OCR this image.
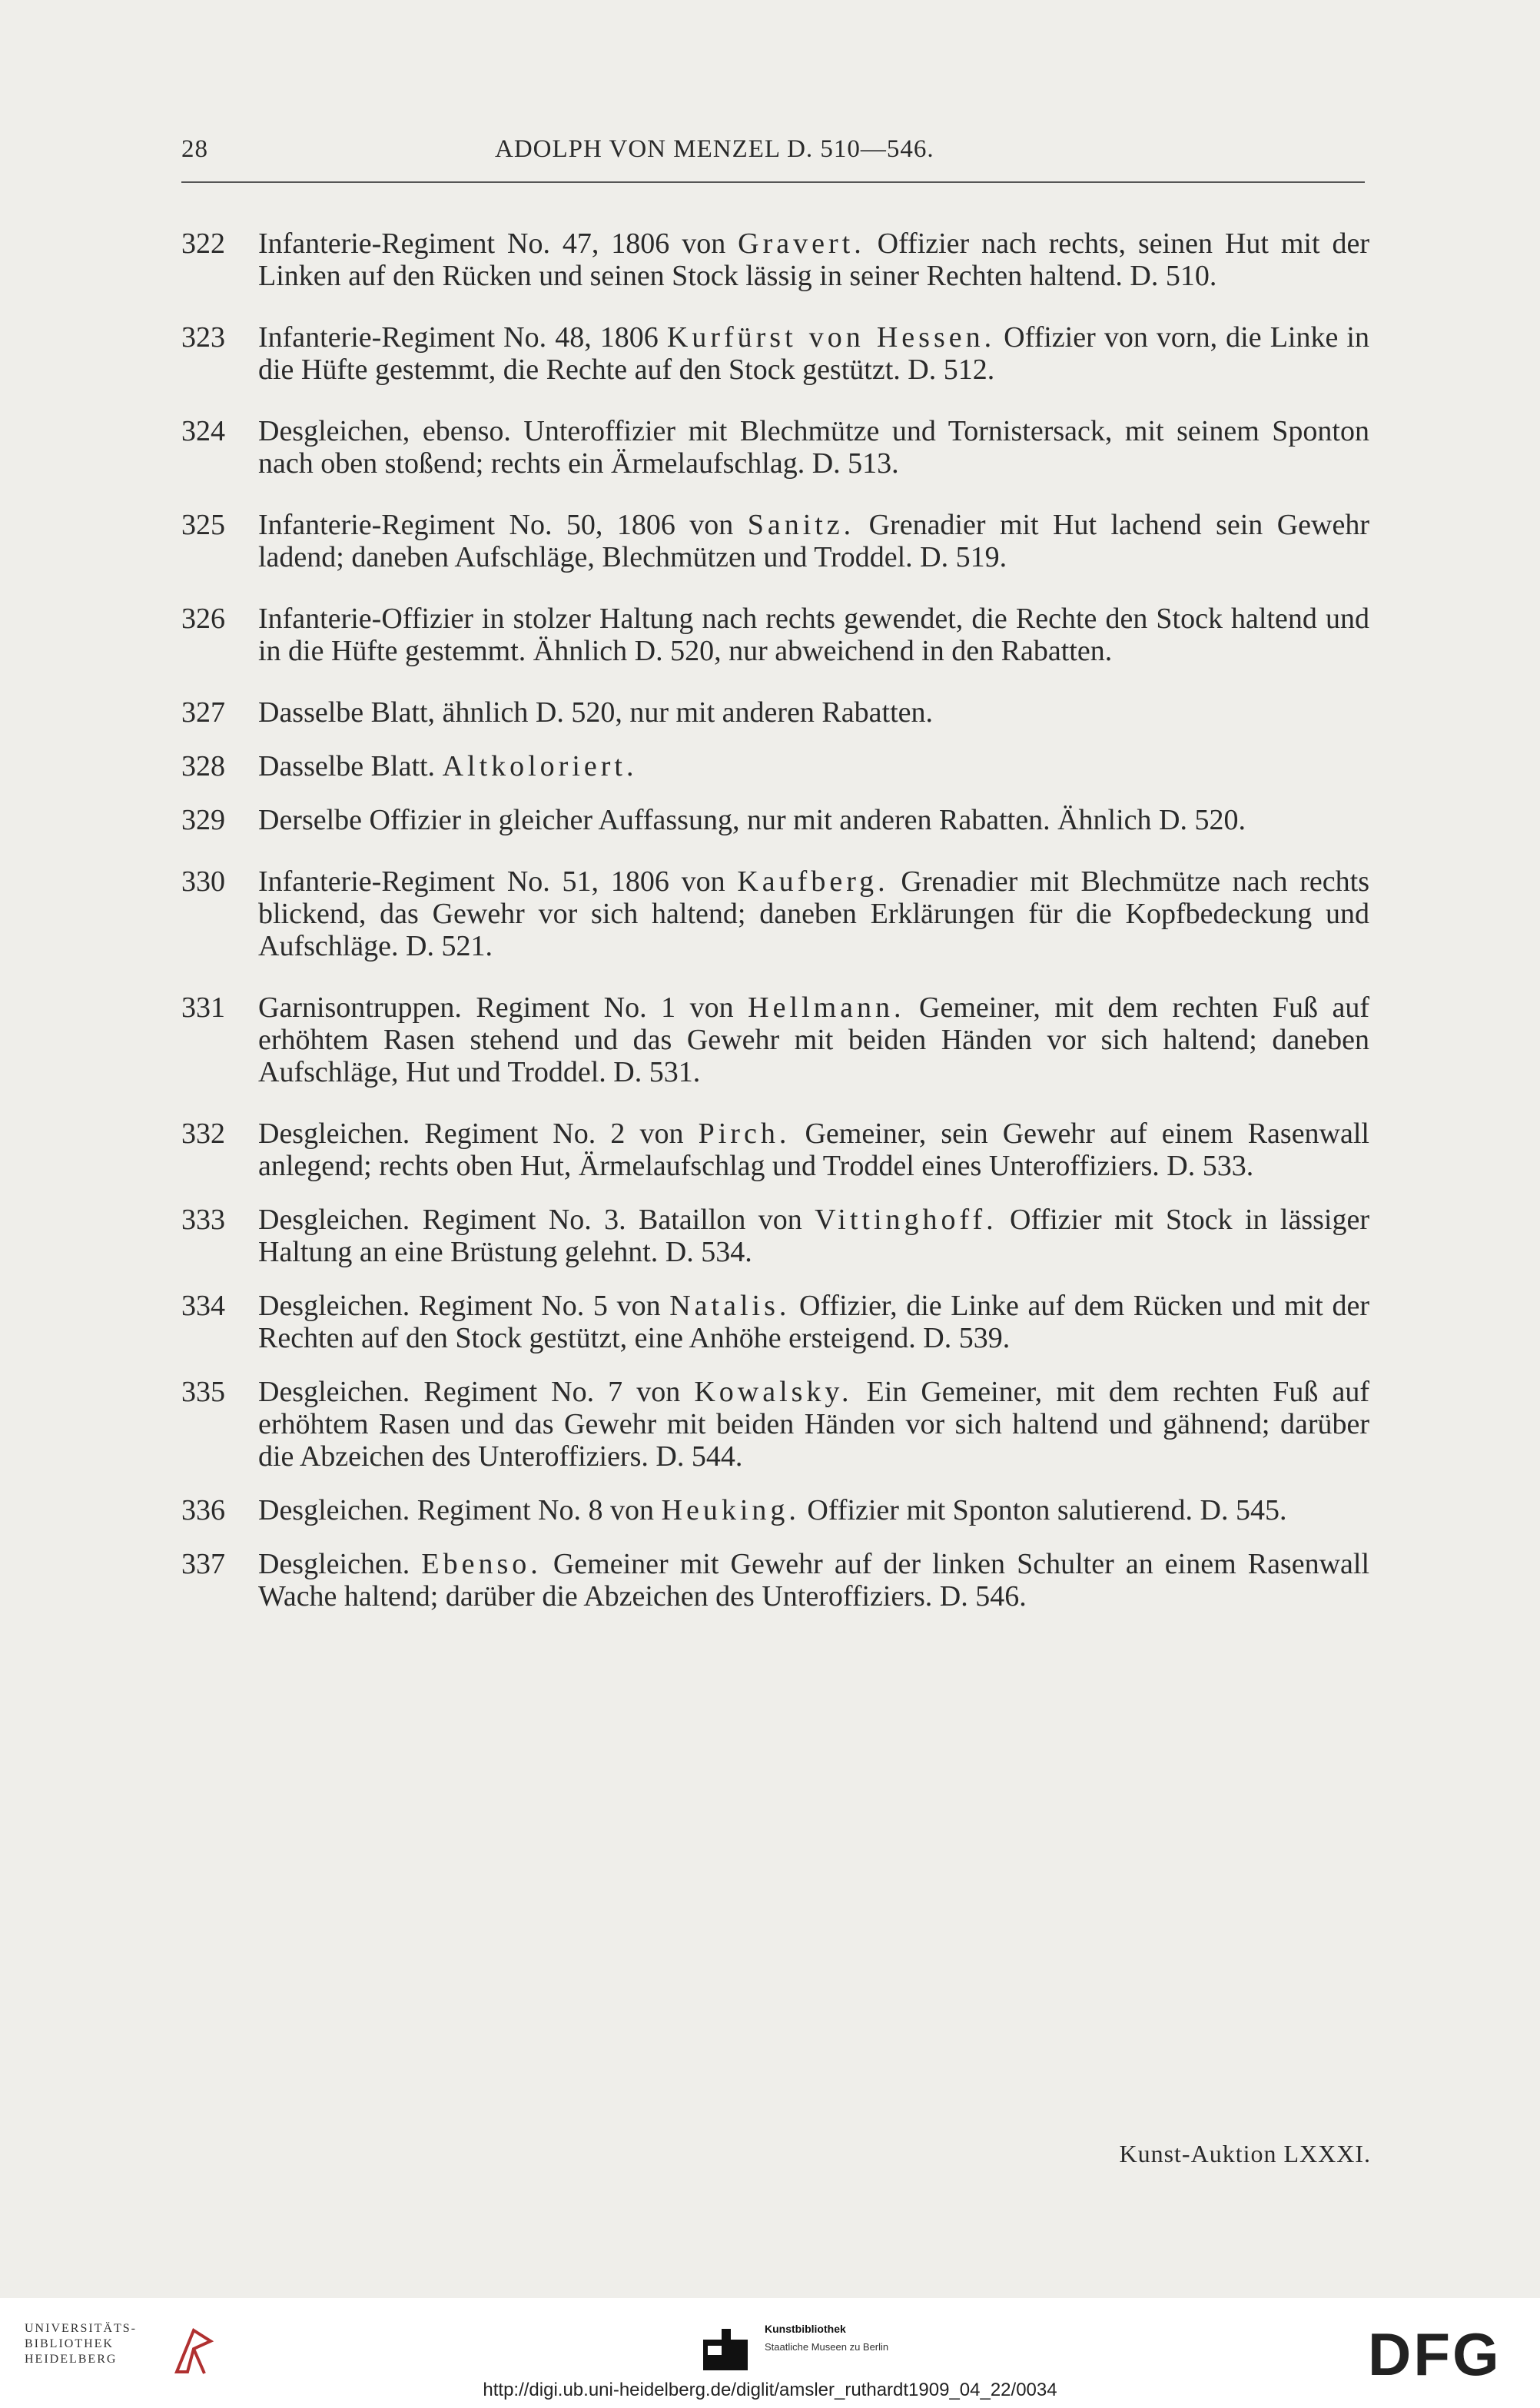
28	ADOLPH VON MENZEL D. 510—546.
322	Infanterie-Regiment No. 47, 1806 von Gravert. Offizier nach rechts, seinen Hut mit der Linken auf den Rücken und seinen Stock lässig in seiner Rechten haltend. D. 510.
323	Infanterie-Regiment No. 48, 1806 Kurfürst von Hessen. Offizier von vorn, die Linke in die Hüfte gestemmt, die Rechte auf den Stock gestützt. D. 512.
324	Desgleichen, ebenso. Unteroffizier mit Blechmütze und Tornistersack, mit seinem Sponton nach oben stoßend; rechts ein Ärmelaufschlag. D. 513.
325	Infanterie-Regiment No. 50, 1806 von Sanitz. Grenadier mit Hut lachend sein Gewehr ladend; daneben Aufschläge, Blechmützen und Troddel. D. 519.
326	Infanterie-Offizier in stolzer Haltung nach rechts gewendet, die Rechte den Stock haltend und in die Hüfte gestemmt. Ähnlich D. 520, nur abweichend in den Rabatten.
327	Dasselbe Blatt, ähnlich D. 520, nur mit anderen Rabatten.
328	Dasselbe Blatt. Altkoloriert.
329	Derselbe Offizier in gleicher Auffassung, nur mit anderen Rabatten. Ähnlich D. 520.
330	Infanterie-Regiment No. 51, 1806 von Kaufberg. Grenadier mit Blechmütze nach rechts blickend, das Gewehr vor sich haltend; daneben Erklärungen für die Kopfbedeckung und Aufschläge. D. 521.
331	Garnisontruppen. Regiment No. 1 von Hellmann. Gemeiner, mit dem rechten Fuß auf erhöhtem Rasen stehend und das Gewehr mit beiden Händen vor sich haltend; daneben Aufschläge, Hut und Troddel. D. 531.
332	Desgleichen. Regiment No. 2 von Pirch. Gemeiner, sein Gewehr auf einem Rasenwall anlegend; rechts oben Hut, Ärmelaufschlag und Troddel eines Unteroffiziers. D. 533.
333	Desgleichen. Regiment No. 3. Bataillon von Vittinghoff. Offizier mit Stock in lässiger Haltung an eine Brüstung gelehnt. D. 534.
334	Desgleichen. Regiment No. 5 von Natalis. Offizier, die Linke auf dem Rücken und mit der Rechten auf den Stock gestützt, eine Anhöhe ersteigend. D. 539.
335	Desgleichen. Regiment No. 7 von Kowalsky. Ein Gemeiner, mit dem rechten Fuß auf erhöhtem Rasen und das Gewehr mit beiden Händen vor sich haltend und gähnend; darüber die Abzeichen des Unteroffiziers. D. 544.
336	Desgleichen. Regiment No. 8 von Heuking. Offizier mit Sponton salutierend. D. 545.
337	Desgleichen. Ebenso. Gemeiner mit Gewehr auf der linken Schulter an einem Rasenwall Wache haltend; darüber die Abzeichen des Unteroffiziers. D. 546.
Kunst-Auktion LXXXI.
UNIVERSITÄTS-
BIBLIOTHEK
HEIDELBERG
Kunstbibliothek
Staatliche Museen zu Berlin	DFG
http://digi.ub.uni-heidelberg.de/diglit/amsler_ruthardt1909_04_22/0034
